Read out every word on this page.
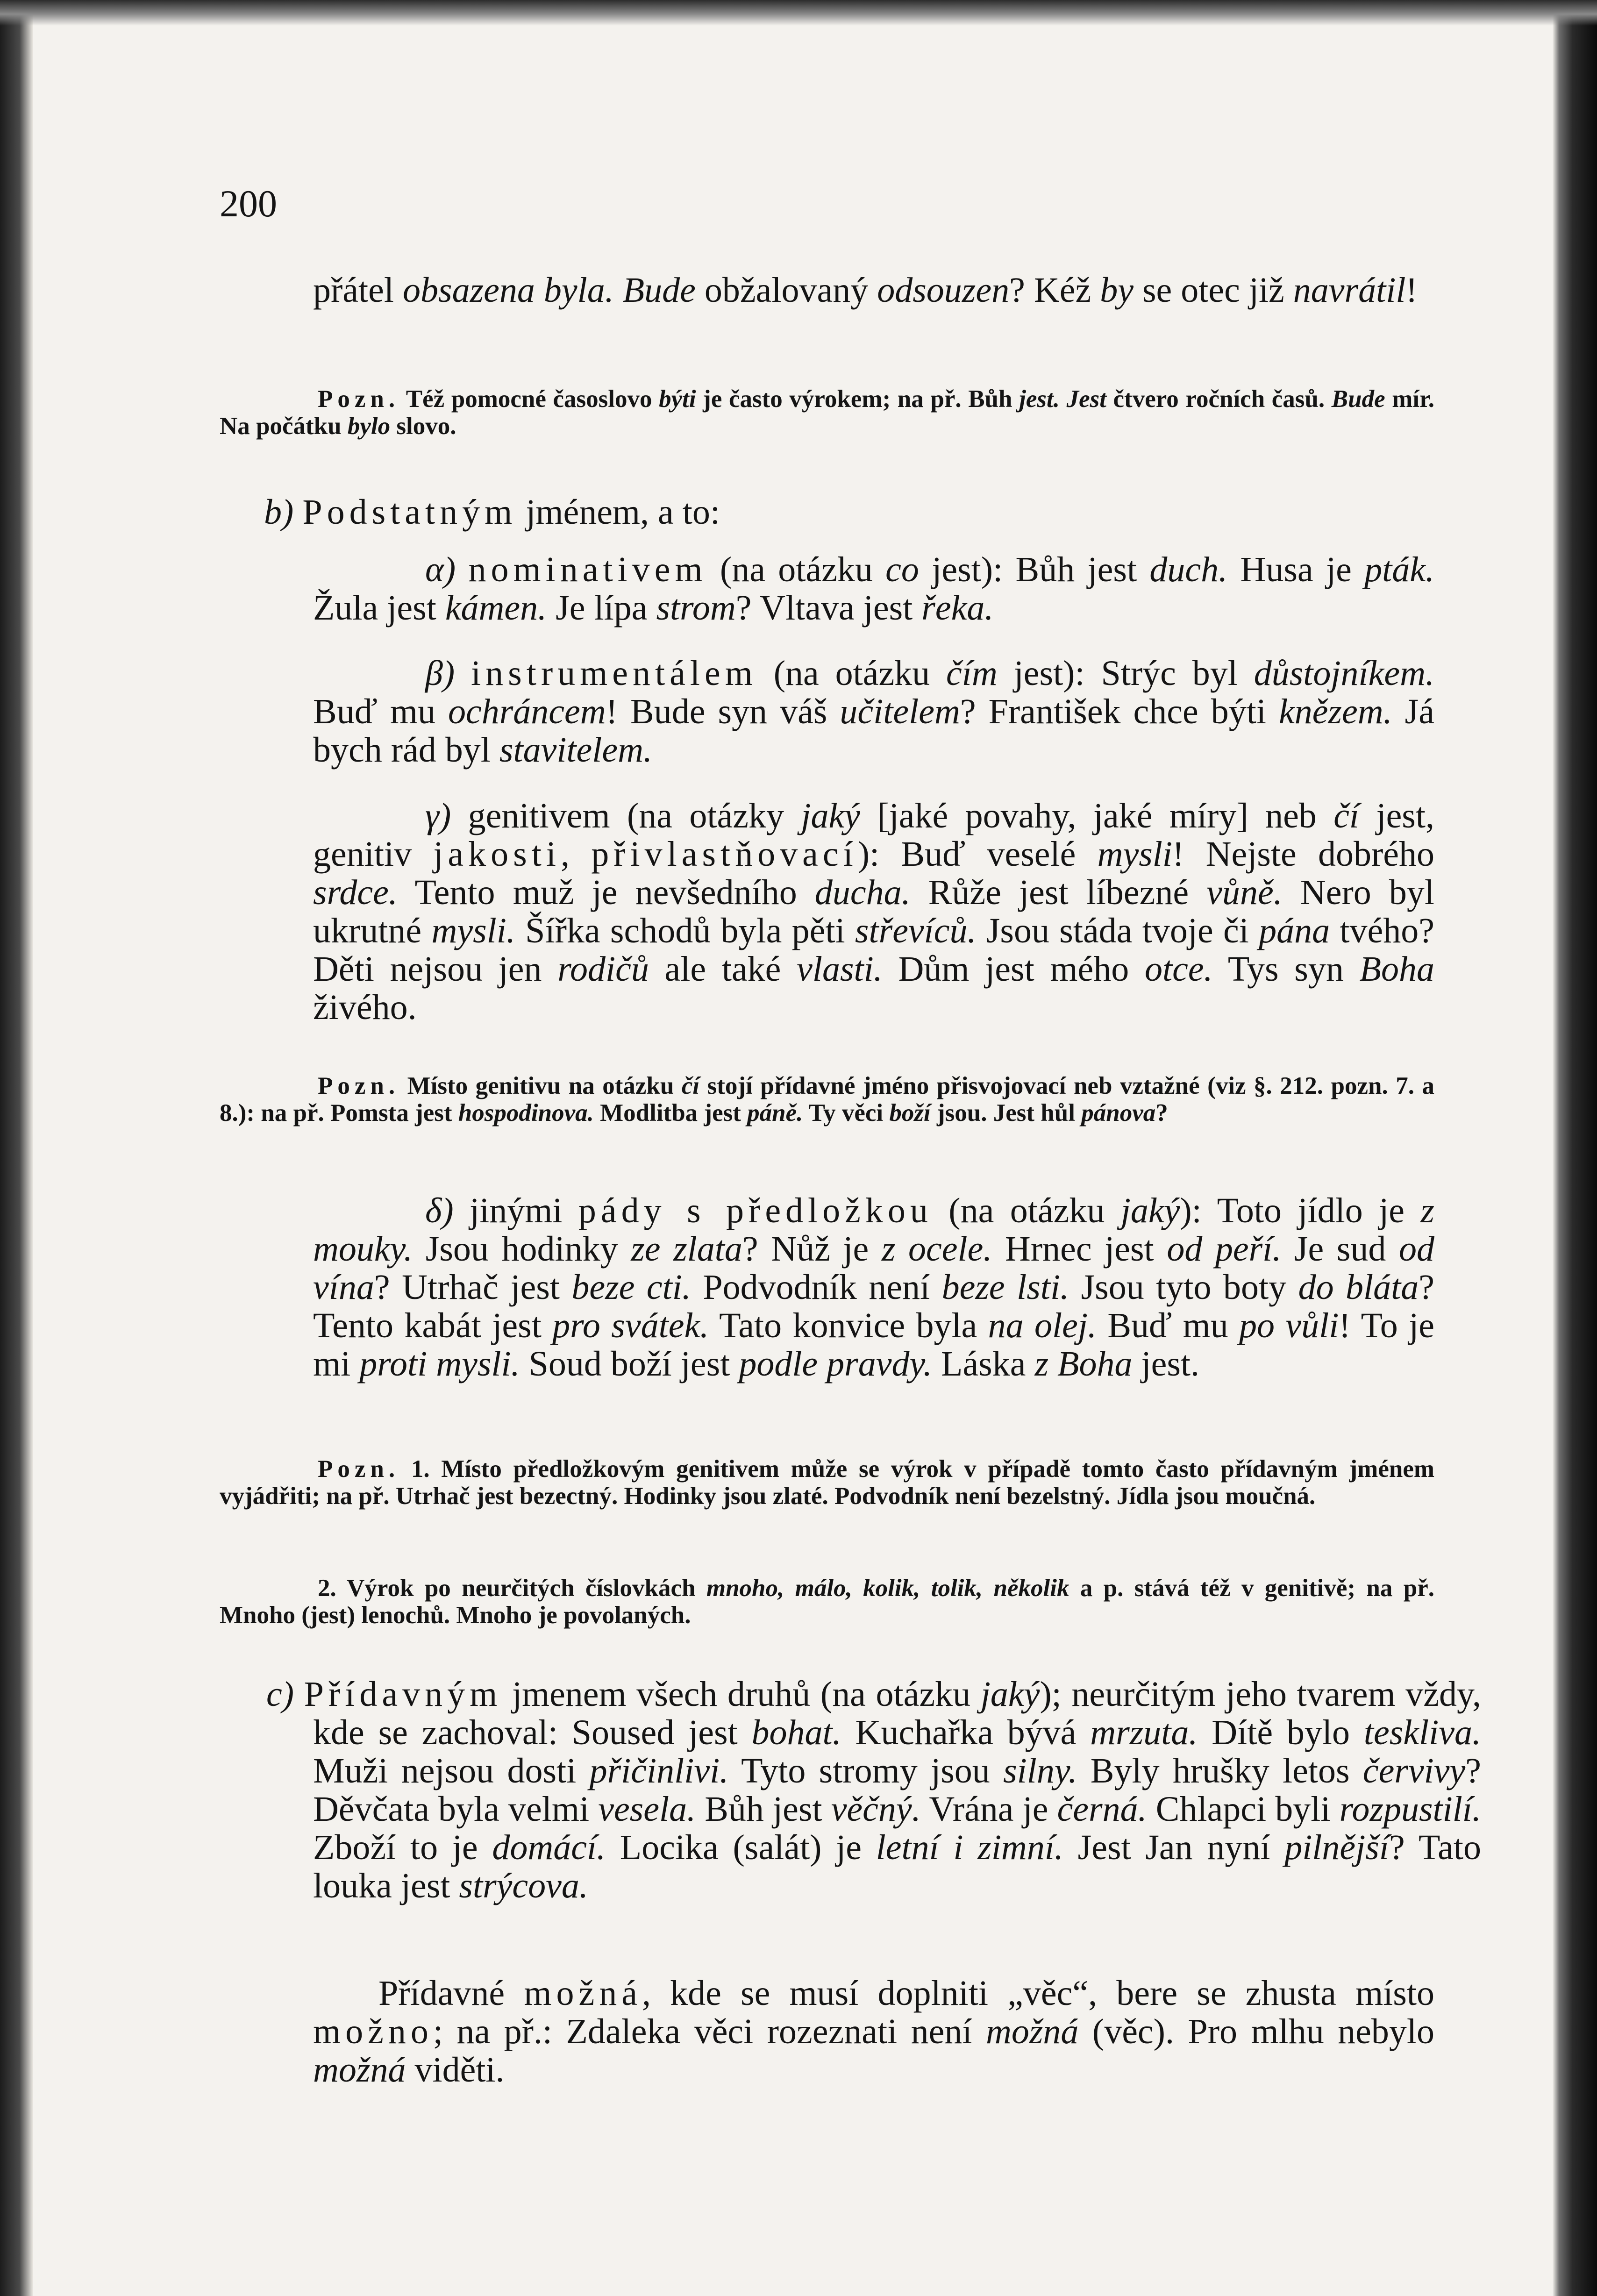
200

přátel obsazena byla. Bude obžalovaný odsouzen? Kéž by se otec již navrátil!

Pozn. Též pomocné časoslovo býti je často výrokem; na př. Bůh jest. Jest čtvero ročních časů. Bude mír. Na počátku bylo slovo.

b) Podstatným jménem, a to:

α) nominativem (na otázku co jest): Bůh jest duch. Husa je pták. Žula jest kámen. Je lípa strom? Vltava jest řeka.

β) instrumentálem (na otázku čím jest): Strýc byl důstojníkem. Buď mu ochráncem! Bude syn váš učitelem? František chce býti knězem. Já bych rád byl stavitelem.

γ) genitivem (na otázky jaký [jaké povahy, jaké míry] neb čí jest, genitiv jakosti, přivlastňovací): Buď veselé mysli! Nejste dobrého srdce. Tento muž je nevšedního ducha. Růže jest líbezné vůně. Nero byl ukrutné mysli. Šířka schodů byla pěti střevíců. Jsou stáda tvoje či pána tvého? Děti nejsou jen rodičů ale také vlasti. Dům jest mého otce. Tys syn Boha živého.

Pozn. Místo genitivu na otázku čí stojí přídavné jméno přisvojovací neb vztažné (viz §. 212. pozn. 7. a 8.): na př. Pomsta jest hospodinova. Modlitba jest páně. Ty věci boží jsou. Jest hůl pánova?

δ) jinými pády s předložkou (na otázku jaký): Toto jídlo je z mouky. Jsou hodinky ze zlata? Nůž je z ocele. Hrnec jest od peří. Je sud od vína? Utrhač jest beze cti. Podvodník není beze lsti. Jsou tyto boty do bláta? Tento kabát jest pro svátek. Tato konvice byla na olej. Buď mu po vůli! To je mi proti mysli. Soud boží jest podle pravdy. Láska z Boha jest.

Pozn. 1. Místo předložkovým genitivem může se výrok v případě tomto často přídavným jménem vyjádřiti; na př. Utrhač jest bezectný. Hodinky jsou zlaté. Podvodník není bezelstný. Jídla jsou moučná.

2. Výrok po neurčitých číslovkách mnoho, málo, kolik, tolik, několik a p. stává též v genitivě; na př. Mnoho (jest) lenochů. Mnoho je povolaných.

c) Přídavným jmenem všech druhů (na otázku jaký); neurčitým jeho tvarem vždy, kde se zachoval: Soused jest bohat. Kuchařka bývá mrzuta. Dítě bylo teskliva. Muži nejsou dosti přičinlivi. Tyto stromy jsou silny. Byly hrušky letos červivy? Děvčata byla velmi vesela. Bůh jest věčný. Vrána je černá. Chlapci byli rozpustilí. Zboží to je domácí. Locika (salát) je letní i zimní. Jest Jan nyní pilnější? Tato louka jest strýcova.

Přídavné možná, kde se musí doplniti „věc“, bere se zhusta místo možno; na př.: Zdaleka věci rozeznati není možná (věc). Pro mlhu nebylo možná viděti.
